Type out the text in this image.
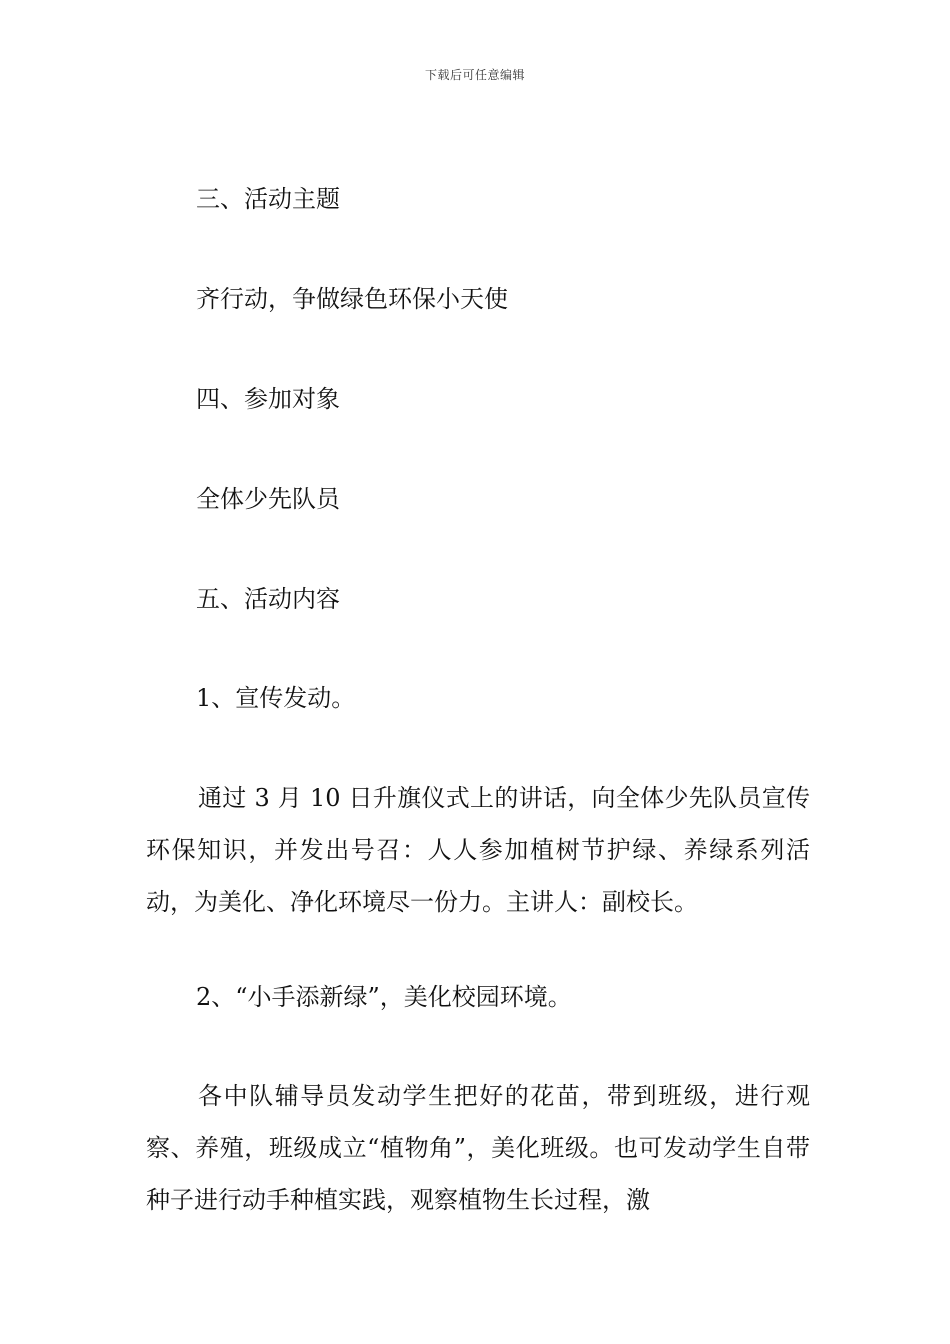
下载后可任意编辑
三、活动主题
齐行动，争做绿色环保小天使
四、参加对象
全体少先队员
五、活动内容
1、宣传发动。

通过 3 月 10 日升旗仪式上的讲话，向全体少先队员宣传环保知识，并发出号召：人人参加植树节护绿、养绿系列活动，为美化、净化环境尽一份力。主讲人：副校长。

2、“小手添新绿”，美化校园环境。

各中队辅导员发动学生把好的花苗，带到班级，进行观察、养殖，班级成立“植物角”，美化班级。也可发动学生自带种子进行动手种植实践，观察植物生长过程，激
